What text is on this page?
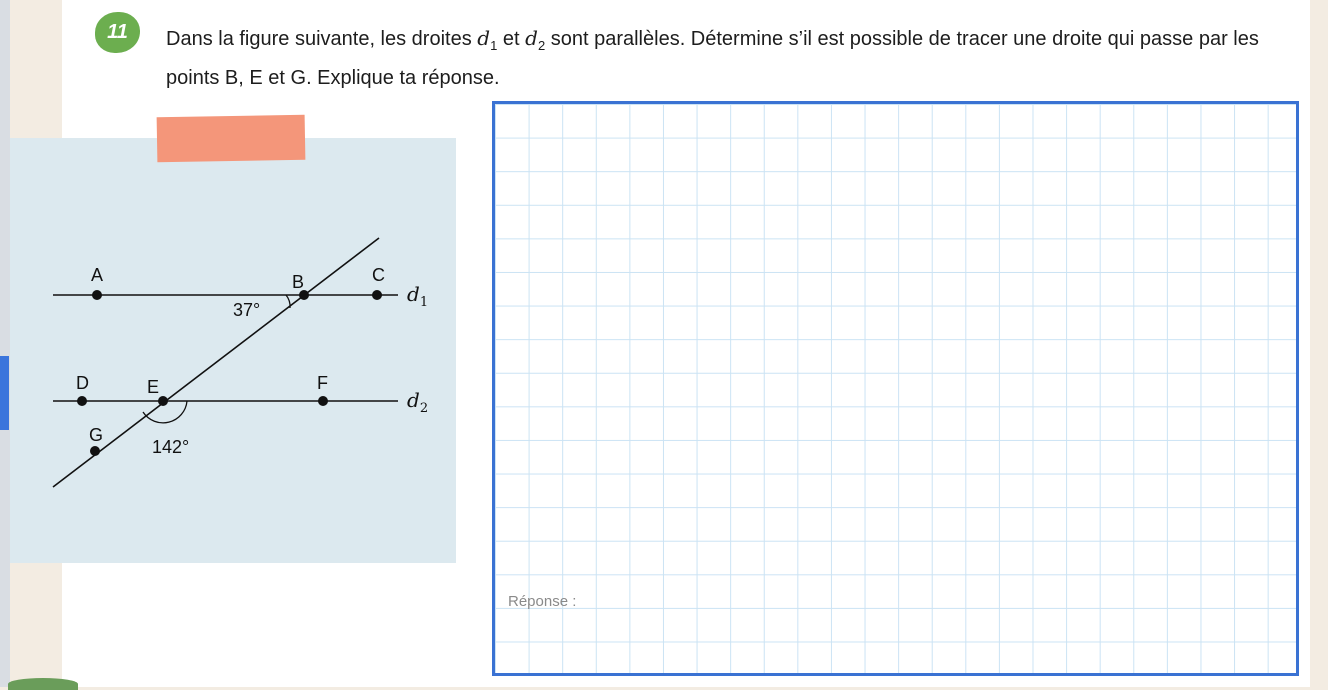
11 Dans la figure suivante, les droites $d_1$ et $d_2$ sont parallèles. Détermine s’il est possible de tracer une droite qui passe par les points B, E et G. Explique ta réponse.
A	B	C
D	E	F
G
37°
142°
$d_1$
$d_2$
Réponse :
